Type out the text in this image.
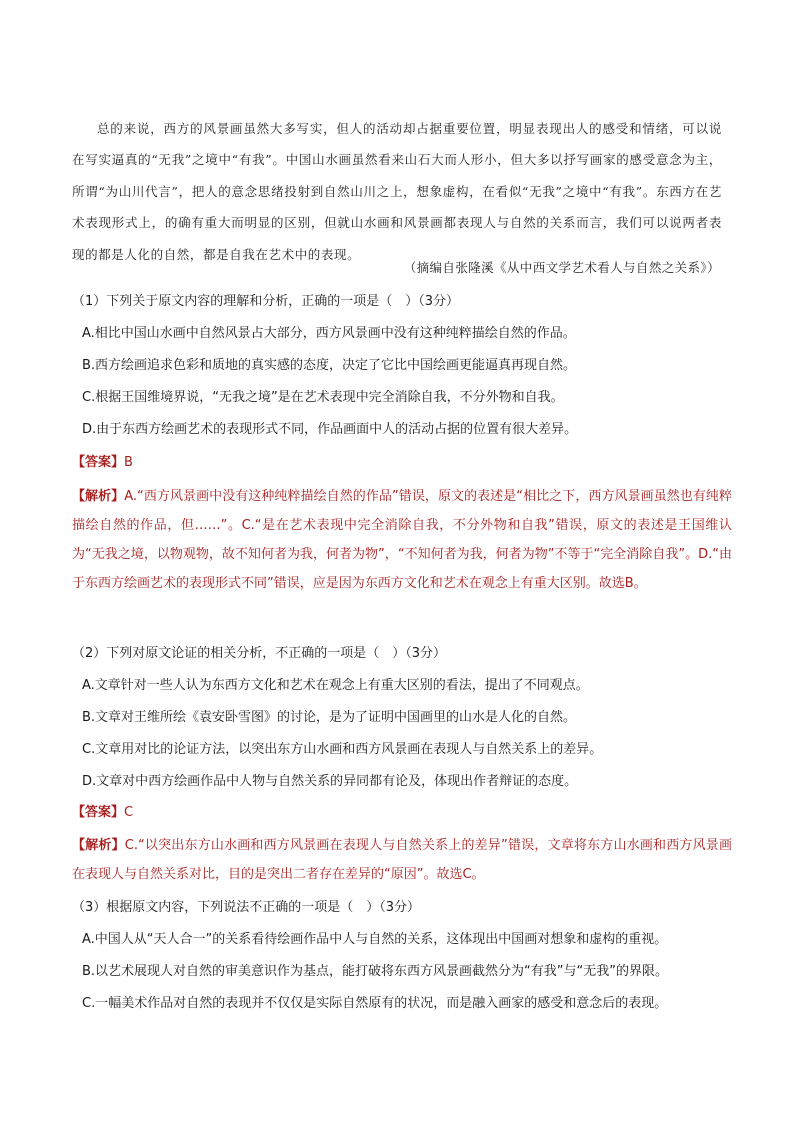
总的来说，西方的风景画虽然大多写实，但人的活动却占据重要位置，明显表现出人的感受和情绪，可以说在写实逼真的“无我”之境中“有我”。中国山水画虽然看来山石大而人形小，但大多以抒写画家的感受意念为主，所谓“为山川代言”，把人的意念思绪投射到自然山川之上，想象虚构，在看似“无我”之境中“有我”。东西方在艺术表现形式上，的确有重大而明显的区别，但就山水画和风景画都表现人与自然的关系而言，我们可以说两者表现的都是人化的自然，都是自我在艺术中的表现。

（摘编自张隆溪《从中西文学艺术看人与自然之关系》）

（1）下列关于原文内容的理解和分析，正确的一项是（　）（3分）

A.相比中国山水画中自然风景占大部分，西方风景画中没有这种纯粹描绘自然的作品。

B.西方绘画追求色彩和质地的真实感的态度，决定了它比中国绘画更能逼真再现自然。

C.根据王国维境界说，“无我之境”是在艺术表现中完全消除自我，不分外物和自我。

D.由于东西方绘画艺术的表现形式不同，作品画面中人的活动占据的位置有很大差异。

【答案】B

【解析】A.“西方风景画中没有这种纯粹描绘自然的作品”错误，原文的表述是“相比之下，西方风景画虽然也有纯粹描绘自然的作品，但……”。C.“是在艺术表现中完全消除自我，不分外物和自我”错误，原文的表述是王国维认为“无我之境，以物观物，故不知何者为我，何者为物”，“不知何者为我，何者为物”不等于“完全消除自我”。D.“由于东西方绘画艺术的表现形式不同”错误，应是因为东西方文化和艺术在观念上有重大区别。故选B。

（2）下列对原文论证的相关分析，不正确的一项是（　）（3分）

A.文章针对一些人认为东西方文化和艺术在观念上有重大区别的看法，提出了不同观点。

B.文章对王维所绘《袁安卧雪图》的讨论，是为了证明中国画里的山水是人化的自然。

C.文章用对比的论证方法，以突出东方山水画和西方风景画在表现人与自然关系上的差异。

D.文章对中西方绘画作品中人物与自然关系的异同都有论及，体现出作者辩证的态度。

【答案】C

【解析】C.“以突出东方山水画和西方风景画在表现人与自然关系上的差异”错误，文章将东方山水画和西方风景画在表现人与自然关系对比，目的是突出二者存在差异的“原因”。故选C。

（3）根据原文内容，下列说法不正确的一项是（　）（3分）

A.中国人从“天人合一”的关系看待绘画作品中人与自然的关系，这体现出中国画对想象和虚构的重视。

B.以艺术展现人对自然的审美意识作为基点，能打破将东西方风景画截然分为“有我”与“无我”的界限。

C.一幅美术作品对自然的表现并不仅仅是实际自然原有的状况，而是融入画家的感受和意念后的表现。
